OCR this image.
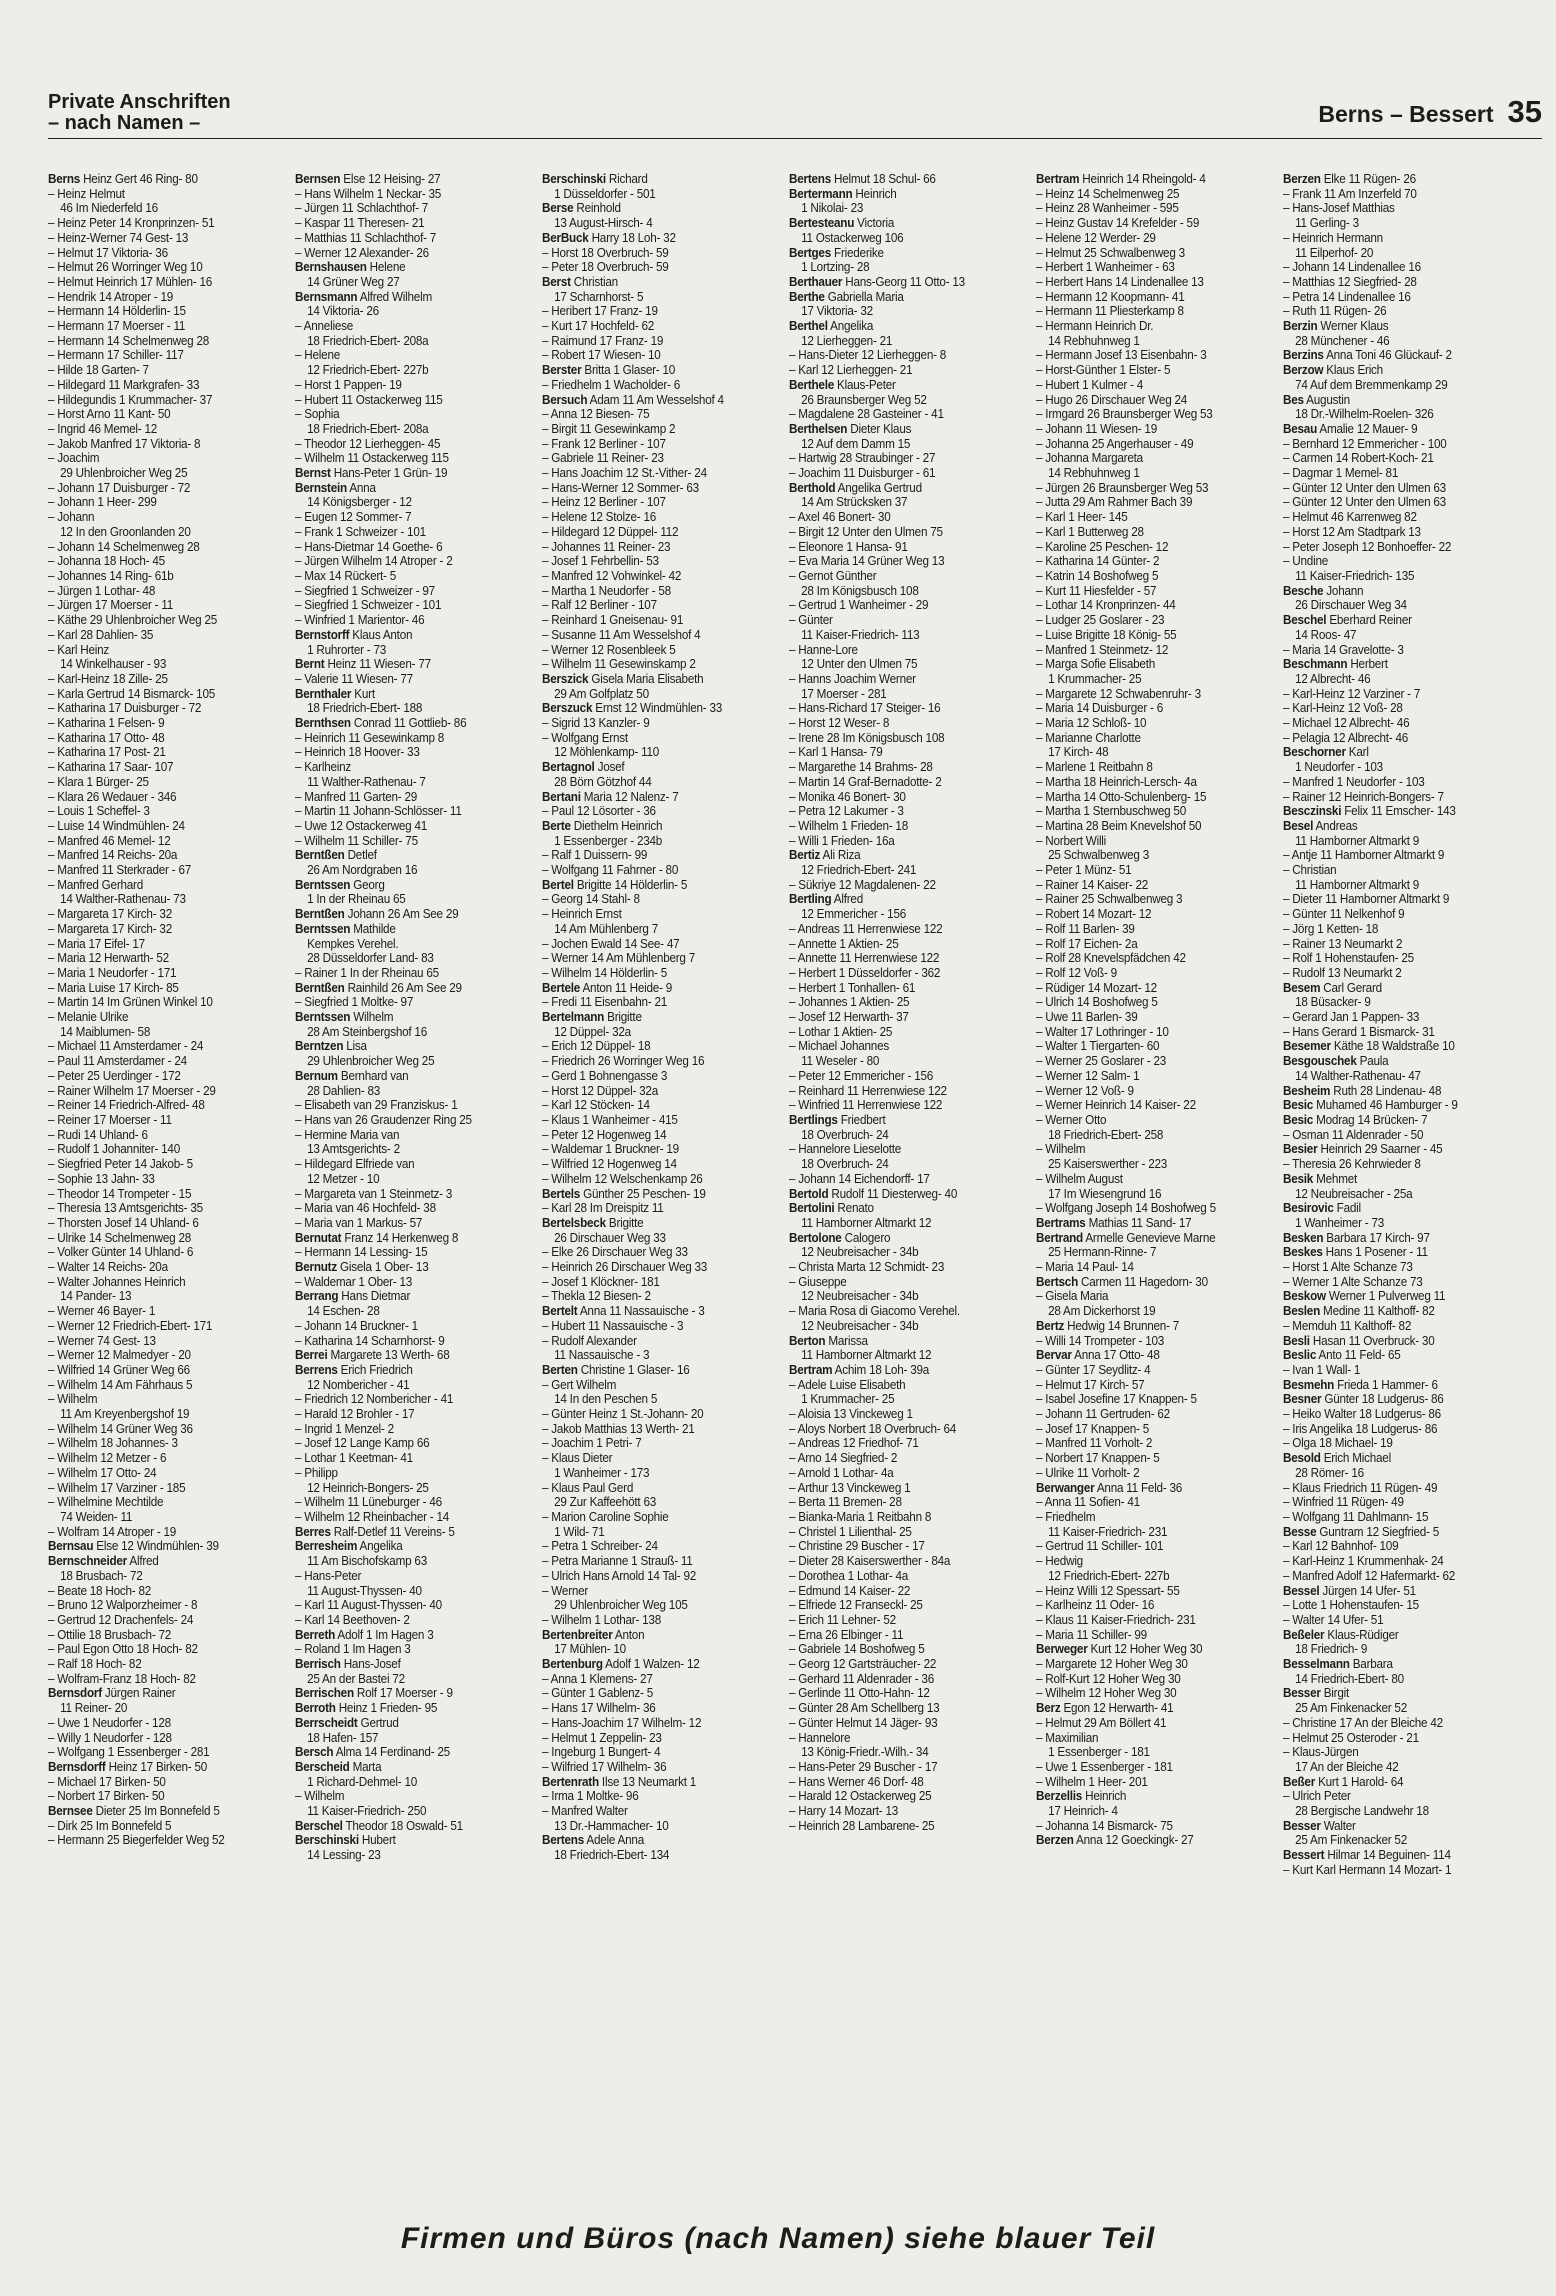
Private Anschriften
– nach Namen –	Berns – Bessert 35
Berns Heinz Gert 46 Ring- 80
– Heinz Helmut
46 Im Niederfeld 16
– Heinz Peter 14 Kronprinzen- 51
– Heinz-Werner 74 Gest- 13
– Helmut 17 Viktoria- 36
– Helmut 26 Worringer Weg 10
– Helmut Heinrich 17 Mühlen- 16
– Hendrik 14 Atroper - 19
– Hermann 14 Hölderlin- 15
– Hermann 17 Moerser - 11
– Hermann 14 Schelmenweg 28
– Hermann 17 Schiller- 117
– Hilde 18 Garten- 7
– Hildegard 11 Markgrafen- 33
– Hildegundis 1 Krummacher- 37
– Horst Arno 11 Kant- 50
– Ingrid 46 Memel- 12
– Jakob Manfred 17 Viktoria- 8
– Joachim
29 Uhlenbroicher Weg 25
– Johann 17 Duisburger - 72
– Johann 1 Heer- 299
– Johann
12 In den Groonlanden 20
– Johann 14 Schelmenweg 28
– Johanna 18 Hoch- 45
– Johannes 14 Ring- 61b
– Jürgen 1 Lothar- 48
– Jürgen 17 Moerser - 11
– Käthe 29 Uhlenbroicher Weg 25
– Karl 28 Dahlien- 35
– Karl Heinz
14 Winkelhauser - 93
– Karl-Heinz 18 Zille- 25
– Karla Gertrud 14 Bismarck- 105
– Katharina 17 Duisburger - 72
– Katharina 1 Felsen- 9
– Katharina 17 Otto- 48
– Katharina 17 Post- 21
– Katharina 17 Saar- 107
– Klara 1 Bürger- 25
– Klara 26 Wedauer - 346
– Louis 1 Scheffel- 3
– Luise 14 Windmühlen- 24
– Manfred 46 Memel- 12
– Manfred 14 Reichs- 20a
– Manfred 11 Sterkrader - 67
– Manfred Gerhard
14 Walther-Rathenau- 73
– Margareta 17 Kirch- 32
– Margareta 17 Kirch- 32
– Maria 17 Eifel- 17
– Maria 12 Herwarth- 52
– Maria 1 Neudorfer - 171
– Maria Luise 17 Kirch- 85
– Martin 14 Im Grünen Winkel 10
– Melanie Ulrike
14 Maiblumen- 58
– Michael 11 Amsterdamer - 24
– Paul 11 Amsterdamer - 24
– Peter 25 Uerdinger - 172
– Rainer Wilhelm 17 Moerser - 29
– Reiner 14 Friedrich-Alfred- 48
– Reiner 17 Moerser - 11
– Rudi 14 Uhland- 6
– Rudolf 1 Johanniter- 140
– Siegfried Peter 14 Jakob- 5
– Sophie 13 Jahn- 33
– Theodor 14 Trompeter - 15
– Theresia 13 Amtsgerichts- 35
– Thorsten Josef 14 Uhland- 6
– Ulrike 14 Schelmenweg 28
– Volker Günter 14 Uhland- 6
– Walter 14 Reichs- 20a
– Walter Johannes Heinrich
14 Pander- 13
– Werner 46 Bayer- 1
– Werner 12 Friedrich-Ebert- 171
– Werner 74 Gest- 13
– Werner 12 Malmedyer - 20
– Wilfried 14 Grüner Weg 66
– Wilhelm 14 Am Fährhaus 5
– Wilhelm
11 Am Kreyenbergshof 19
– Wilhelm 14 Grüner Weg 36
– Wilhelm 18 Johannes- 3
– Wilhelm 12 Metzer - 6
– Wilhelm 17 Otto- 24
– Wilhelm 17 Varziner - 185
– Wilhelmine Mechtilde
74 Weiden- 11
– Wolfram 14 Atroper - 19
Bernsau Else 12 Windmühlen- 39
Bernschneider Alfred
18 Brusbach- 72
– Beate 18 Hoch- 82
– Bruno 12 Walporzheimer - 8
– Gertrud 12 Drachenfels- 24
– Ottilie 18 Brusbach- 72
– Paul Egon Otto 18 Hoch- 82
– Ralf 18 Hoch- 82
– Wolfram-Franz 18 Hoch- 82
Bernsdorf Jürgen Rainer
11 Reiner- 20
– Uwe 1 Neudorfer - 128
– Willy 1 Neudorfer - 128
– Wolfgang 1 Essenberger - 281
Bernsdorff Heinz 17 Birken- 50
– Michael 17 Birken- 50
– Norbert 17 Birken- 50
Bernsee Dieter 25 Im Bonnefeld 5
– Dirk 25 Im Bonnefeld 5
– Hermann 25 Biegerfelder Weg 52
Bernsen Else 12 Heising- 27
– Hans Wilhelm 1 Neckar- 35
– Jürgen 11 Schlachthof- 7
– Kaspar 11 Theresen- 21
– Matthias 11 Schlachthof- 7
– Werner 12 Alexander- 26
Bernshausen Helene
14 Grüner Weg 27
Bernsmann Alfred Wilhelm
14 Viktoria- 26
– Anneliese
18 Friedrich-Ebert- 208a
– Helene
12 Friedrich-Ebert- 227b
– Horst 1 Pappen- 19
– Hubert 11 Ostackerweg 115
– Sophia
18 Friedrich-Ebert- 208a
– Theodor 12 Lierheggen- 45
– Wilhelm 11 Ostackerweg 115
Bernst Hans-Peter 1 Grün- 19
Bernstein Anna
14 Königsberger - 12
– Eugen 12 Sommer- 7
– Frank 1 Schweizer - 101
– Hans-Dietmar 14 Goethe- 6
– Jürgen Wilhelm 14 Atroper - 2
– Max 14 Rückert- 5
– Siegfried 1 Schweizer - 97
– Siegfried 1 Schweizer - 101
– Winfried 1 Marientor- 46
Bernstorff Klaus Anton
1 Ruhrorter - 73
Bernt Heinz 11 Wiesen- 77
– Valerie 11 Wiesen- 77
Bernthaler Kurt
18 Friedrich-Ebert- 188
Bernthsen Conrad 11 Gottlieb- 86
– Heinrich 11 Gesewinkamp 8
– Heinrich 18 Hoover- 33
– Karlheinz
11 Walther-Rathenau- 7
– Manfred 11 Garten- 29
– Martin 11 Johann-Schlösser- 11
– Uwe 12 Ostackerweg 41
– Wilhelm 11 Schiller- 75
Berntßen Detlef
26 Am Nordgraben 16
Berntssen Georg
1 In der Rheinau 65
Berntßen Johann 26 Am See 29
Berntssen Mathilde
Kempkes Verehel.
28 Düsseldorfer Land- 83
– Rainer 1 In der Rheinau 65
Berntßen Rainhild 26 Am See 29
– Siegfried 1 Moltke- 97
Berntssen Wilhelm
28 Am Steinbergshof 16
Berntzen Lisa
29 Uhlenbroicher Weg 25
Bernum Bernhard van
28 Dahlien- 83
– Elisabeth van 29 Franziskus- 1
– Hans van 26 Graudenzer Ring 25
– Hermine Maria van
13 Amtsgerichts- 2
– Hildegard Elfriede van
12 Metzer - 10
– Margareta van 1 Steinmetz- 3
– Maria van 46 Hochfeld- 38
– Maria van 1 Markus- 57
Bernutat Franz 14 Herkenweg 8
– Hermann 14 Lessing- 15
Bernutz Gisela 1 Ober- 13
– Waldemar 1 Ober- 13
Berrang Hans Dietmar
14 Eschen- 28
– Johann 14 Bruckner- 1
– Katharina 14 Scharnhorst- 9
Berrei Margarete 13 Werth- 68
Berrens Erich Friedrich
12 Nombericher - 41
– Friedrich 12 Nombericher - 41
– Harald 12 Brohler - 17
– Ingrid 1 Menzel- 2
– Josef 12 Lange Kamp 66
– Lothar 1 Keetman- 41
– Philipp
12 Heinrich-Bongers- 25
– Wilhelm 11 Lüneburger - 46
– Wilhelm 12 Rheinbacher - 14
Berres Ralf-Detlef 11 Vereins- 5
Berresheim Angelika
11 Am Bischofskamp 63
– Hans-Peter
11 August-Thyssen- 40
– Karl 11 August-Thyssen- 40
– Karl 14 Beethoven- 2
Berreth Adolf 1 Im Hagen 3
– Roland 1 Im Hagen 3
Berrisch Hans-Josef
25 An der Bastei 72
Berrischen Rolf 17 Moerser - 9
Berroth Heinz 1 Frieden- 95
Berrscheidt Gertrud
18 Hafen- 157
Bersch Alma 14 Ferdinand- 25
Berscheid Marta
1 Richard-Dehmel- 10
– Wilhelm
11 Kaiser-Friedrich- 250
Berschel Theodor 18 Oswald- 51
Berschinski Hubert
14 Lessing- 23
Berschinski Richard
1 Düsseldorfer - 501
Berse Reinhold
13 August-Hirsch- 4
BerBuck Harry 18 Loh- 32
– Horst 18 Overbruch- 59
– Peter 18 Overbruch- 59
Berst Christian
17 Scharnhorst- 5
– Heribert 17 Franz- 19
– Kurt 17 Hochfeld- 62
– Raimund 17 Franz- 19
– Robert 17 Wiesen- 10
Berster Britta 1 Glaser- 10
– Friedhelm 1 Wacholder- 6
Bersuch Adam 11 Am Wesselshof 4
– Anna 12 Biesen- 75
– Birgit 11 Gesewinkamp 2
– Frank 12 Berliner - 107
– Gabriele 11 Reiner- 23
– Hans Joachim 12 St.-Vither- 24
– Hans-Werner 12 Sommer- 63
– Heinz 12 Berliner - 107
– Helene 12 Stolze- 16
– Hildegard 12 Düppel- 112
– Johannes 11 Reiner- 23
– Josef 1 Fehrbellin- 53
– Manfred 12 Vohwinkel- 42
– Martha 1 Neudorfer - 58
– Ralf 12 Berliner - 107
– Reinhard 1 Gneisenau- 91
– Susanne 11 Am Wesselshof 4
– Werner 12 Rosenbleek 5
– Wilhelm 11 Gesewinskamp 2
Berszick Gisela Maria Elisabeth
29 Am Golfplatz 50
Berszuck Ernst 12 Windmühlen- 33
– Sigrid 13 Kanzler- 9
– Wolfgang Ernst
12 Möhlenkamp- 110
Bertagnol Josef
28 Börn Götzhof 44
Bertani Maria 12 Nalenz- 7
– Paul 12 Lösorter - 36
Berte Diethelm Heinrich
1 Essenberger - 234b
– Ralf 1 Duissern- 99
– Wolfgang 11 Fahrner - 80
Bertel Brigitte 14 Hölderlin- 5
– Georg 14 Stahl- 8
– Heinrich Ernst
14 Am Mühlenberg 7
– Jochen Ewald 14 See- 47
– Werner 14 Am Mühlenberg 7
– Wilhelm 14 Hölderlin- 5
Bertele Anton 11 Heide- 9
– Fredi 11 Eisenbahn- 21
Bertelmann Brigitte
12 Düppel- 32a
– Erich 12 Düppel- 18
– Friedrich 26 Worringer Weg 16
– Gerd 1 Bohnengasse 3
– Horst 12 Düppel- 32a
– Karl 12 Stöcken- 14
– Klaus 1 Wanheimer - 415
– Peter 12 Hogenweg 14
– Waldemar 1 Bruckner- 19
– Wilfried 12 Hogenweg 14
– Wilhelm 12 Welschenkamp 26
Bertels Günther 25 Peschen- 19
– Karl 28 Im Dreispitz 11
Bertelsbeck Brigitte
26 Dirschauer Weg 33
– Elke 26 Dirschauer Weg 33
– Heinrich 26 Dirschauer Weg 33
– Josef 1 Klöckner- 181
– Thekla 12 Biesen- 2
Bertelt Anna 11 Nassauische - 3
– Hubert 11 Nassauische - 3
– Rudolf Alexander
11 Nassauische - 3
Berten Christine 1 Glaser- 16
– Gert Wilhelm
14 In den Peschen 5
– Günter Heinz 1 St.-Johann- 20
– Jakob Matthias 13 Werth- 21
– Joachim 1 Petri- 7
– Klaus Dieter
1 Wanheimer - 173
– Klaus Paul Gerd
29 Zur Kaffeehött 63
– Marion Caroline Sophie
1 Wild- 71
– Petra 1 Schreiber- 24
– Petra Marianne 1 Strauß- 11
– Ulrich Hans Arnold 14 Tal- 92
– Werner
29 Uhlenbroicher Weg 105
– Wilhelm 1 Lothar- 138
Bertenbreiter Anton
17 Mühlen- 10
Bertenburg Adolf 1 Walzen- 12
– Anna 1 Klemens- 27
– Günter 1 Gablenz- 5
– Hans 17 Wilhelm- 36
– Hans-Joachim 17 Wilhelm- 12
– Helmut 1 Zeppelin- 23
– Ingeburg 1 Bungert- 4
– Wilfried 17 Wilhelm- 36
Bertenrath Ilse 13 Neumarkt 1
– Irma 1 Moltke- 96
– Manfred Walter
13 Dr.-Hammacher- 10
Bertens Adele Anna
18 Friedrich-Ebert- 134
Bertens Helmut 18 Schul- 66
Bertermann Heinrich
1 Nikolai- 23
Bertesteanu Victoria
11 Ostackerweg 106
Bertges Friederike
1 Lortzing- 28
Berthauer Hans-Georg 11 Otto- 13
Berthe Gabriella Maria
17 Viktoria- 32
Berthel Angelika
12 Lierheggen- 21
– Hans-Dieter 12 Lierheggen- 8
– Karl 12 Lierheggen- 21
Berthele Klaus-Peter
26 Braunsberger Weg 52
– Magdalene 28 Gasteiner - 41
Berthelsen Dieter Klaus
12 Auf dem Damm 15
– Hartwig 28 Straubinger - 27
– Joachim 11 Duisburger - 61
Berthold Angelika Gertrud
14 Am Strücksken 37
– Axel 46 Bonert- 30
– Birgit 12 Unter den Ulmen 75
– Eleonore 1 Hansa- 91
– Eva Maria 14 Grüner Weg 13
– Gernot Günther
28 Im Königsbusch 108
– Gertrud 1 Wanheimer - 29
– Günter
11 Kaiser-Friedrich- 113
– Hanne-Lore
12 Unter den Ulmen 75
– Hanns Joachim Werner
17 Moerser - 281
– Hans-Richard 17 Steiger- 16
– Horst 12 Weser- 8
– Irene 28 Im Königsbusch 108
– Karl 1 Hansa- 79
– Margarethe 14 Brahms- 28
– Martin 14 Graf-Bernadotte- 2
– Monika 46 Bonert- 30
– Petra 12 Lakumer - 3
– Wilhelm 1 Frieden- 18
– Willi 1 Frieden- 16a
Bertiz Ali Riza
12 Friedrich-Ebert- 241
– Sükriye 12 Magdalenen- 22
Bertling Alfred
12 Emmericher - 156
– Andreas 11 Herrenwiese 122
– Annette 1 Aktien- 25
– Annette 11 Herrenwiese 122
– Herbert 1 Düsseldorfer - 362
– Herbert 1 Tonhallen- 61
– Johannes 1 Aktien- 25
– Josef 12 Herwarth- 37
– Lothar 1 Aktien- 25
– Michael Johannes
11 Weseler - 80
– Peter 12 Emmericher - 156
– Reinhard 11 Herrenwiese 122
– Winfried 11 Herrenwiese 122
Bertlings Friedbert
18 Overbruch- 24
– Hannelore Lieselotte
18 Overbruch- 24
– Johann 14 Eichendorff- 17
Bertold Rudolf 11 Diesterweg- 40
Bertolini Renato
11 Hamborner Altmarkt 12
Bertolone Calogero
12 Neubreisacher - 34b
– Christa Marta 12 Schmidt- 23
– Giuseppe
12 Neubreisacher - 34b
– Maria Rosa di Giacomo Verehel.
12 Neubreisacher - 34b
Berton Marissa
11 Hamborner Altmarkt 12
Bertram Achim 18 Loh- 39a
– Adele Luise Elisabeth
1 Krummacher- 25
– Aloisia 13 Vinckeweg 1
– Aloys Norbert 18 Overbruch- 64
– Andreas 12 Friedhof- 71
– Arno 14 Siegfried- 2
– Arnold 1 Lothar- 4a
– Arthur 13 Vinckeweg 1
– Berta 11 Bremen- 28
– Bianka-Maria 1 Reitbahn 8
– Christel 1 Lilienthal- 25
– Christine 29 Buscher - 17
– Dieter 28 Kaiserswerther - 84a
– Dorothea 1 Lothar- 4a
– Edmund 14 Kaiser- 22
– Elfriede 12 Franseckl- 25
– Erich 11 Lehner- 52
– Erna 26 Elbinger - 11
– Gabriele 14 Boshofweg 5
– Georg 12 Gartsträucher- 22
– Gerhard 11 Aldenrader - 36
– Gerlinde 11 Otto-Hahn- 12
– Günter 28 Am Schellberg 13
– Günter Helmut 14 Jäger- 93
– Hannelore
13 König-Friedr.-Wilh.- 34
– Hans-Peter 29 Buscher - 17
– Hans Werner 46 Dorf- 48
– Harald 12 Ostackerweg 25
– Harry 14 Mozart- 13
– Heinrich 28 Lambarene- 25
Bertram Heinrich 14 Rheingold- 4
– Heinz 14 Schelmenweg 25
– Heinz 28 Wanheimer - 595
– Heinz Gustav 14 Krefelder - 59
– Helene 12 Werder- 29
– Helmut 25 Schwalbenweg 3
– Herbert 1 Wanheimer - 63
– Herbert Hans 14 Lindenallee 13
– Hermann 12 Koopmann- 41
– Hermann 11 Pliesterkamp 8
– Hermann Heinrich Dr.
14 Rebhuhnweg 1
– Hermann Josef 13 Eisenbahn- 3
– Horst-Günther 1 Elster- 5
– Hubert 1 Kulmer - 4
– Hugo 26 Dirschauer Weg 24
– Irmgard 26 Braunsberger Weg 53
– Johann 11 Wiesen- 19
– Johanna 25 Angerhauser - 49
– Johanna Margareta
14 Rebhuhnweg 1
– Jürgen 26 Braunsberger Weg 53
– Jutta 29 Am Rahmer Bach 39
– Karl 1 Heer- 145
– Karl 1 Butterweg 28
– Karoline 25 Peschen- 12
– Katharina 14 Günter- 2
– Katrin 14 Boshofweg 5
– Kurt 11 Hiesfelder - 57
– Lothar 14 Kronprinzen- 44
– Ludger 25 Goslarer - 23
– Luise Brigitte 18 König- 55
– Manfred 1 Steinmetz- 12
– Marga Sofie Elisabeth
1 Krummacher- 25
– Margarete 12 Schwabenruhr- 3
– Maria 14 Duisburger - 6
– Maria 12 Schloß- 10
– Marianne Charlotte
17 Kirch- 48
– Marlene 1 Reitbahn 8
– Martha 18 Heinrich-Lersch- 4a
– Martha 14 Otto-Schulenberg- 15
– Martha 1 Sternbuschweg 50
– Martina 28 Beim Knevelshof 50
– Norbert Willi
25 Schwalbenweg 3
– Peter 1 Münz- 51
– Rainer 14 Kaiser- 22
– Rainer 25 Schwalbenweg 3
– Robert 14 Mozart- 12
– Rolf 11 Barlen- 39
– Rolf 17 Eichen- 2a
– Rolf 28 Knevelspfädchen 42
– Rolf 12 Voß- 9
– Rüdiger 14 Mozart- 12
– Ulrich 14 Boshofweg 5
– Uwe 11 Barlen- 39
– Walter 17 Lothringer - 10
– Walter 1 Tiergarten- 60
– Werner 25 Goslarer - 23
– Werner 12 Salm- 1
– Werner 12 Voß- 9
– Werner Heinrich 14 Kaiser- 22
– Werner Otto
18 Friedrich-Ebert- 258
– Wilhelm
25 Kaiserswerther - 223
– Wilhelm August
17 Im Wiesengrund 16
– Wolfgang Joseph 14 Boshofweg 5
Bertrams Mathias 11 Sand- 17
Bertrand Armelle Genevieve Marne
25 Hermann-Rinne- 7
– Maria 14 Paul- 14
Bertsch Carmen 11 Hagedorn- 30
– Gisela Maria
28 Am Dickerhorst 19
Bertz Hedwig 14 Brunnen- 7
– Willi 14 Trompeter - 103
Bervar Anna 17 Otto- 48
– Günter 17 Seydlitz- 4
– Helmut 17 Kirch- 57
– Isabel Josefine 17 Knappen- 5
– Johann 11 Gertruden- 62
– Josef 17 Knappen- 5
– Manfred 11 Vorholt- 2
– Norbert 17 Knappen- 5
– Ulrike 11 Vorholt- 2
Berwanger Anna 11 Feld- 36
– Anna 11 Sofien- 41
– Friedhelm
11 Kaiser-Friedrich- 231
– Gertrud 11 Schiller- 101
– Hedwig
12 Friedrich-Ebert- 227b
– Heinz Willi 12 Spessart- 55
– Karlheinz 11 Oder- 16
– Klaus 11 Kaiser-Friedrich- 231
– Maria 11 Schiller- 99
Berweger Kurt 12 Hoher Weg 30
– Margarete 12 Hoher Weg 30
– Rolf-Kurt 12 Hoher Weg 30
– Wilhelm 12 Hoher Weg 30
Berz Egon 12 Herwarth- 41
– Helmut 29 Am Böllert 41
– Maximilian
1 Essenberger - 181
– Uwe 1 Essenberger - 181
– Wilhelm 1 Heer- 201
Berzellis Heinrich
17 Heinrich- 4
– Johanna 14 Bismarck- 75
Berzen Anna 12 Goeckingk- 27
Berzen Elke 11 Rügen- 26
– Frank 11 Am Inzerfeld 70
– Hans-Josef Matthias
11 Gerling- 3
– Heinrich Hermann
11 Eilperhof- 20
– Johann 14 Lindenallee 16
– Matthias 12 Siegfried- 28
– Petra 14 Lindenallee 16
– Ruth 11 Rügen- 26
Berzin Werner Klaus
28 Münchener - 46
Berzins Anna Toni 46 Glückauf- 2
Berzow Klaus Erich
74 Auf dem Bremmenkamp 29
Bes Augustin
18 Dr.-Wilhelm-Roelen- 326
Besau Amalie 12 Mauer- 9
– Bernhard 12 Emmericher - 100
– Carmen 14 Robert-Koch- 21
– Dagmar 1 Memel- 81
– Günter 12 Unter den Ulmen 63
– Günter 12 Unter den Ulmen 63
– Helmut 46 Karrenweg 82
– Horst 12 Am Stadtpark 13
– Peter Joseph 12 Bonhoeffer- 22
– Undine
11 Kaiser-Friedrich- 135
Besche Johann
26 Dirschauer Weg 34
Beschel Eberhard Reiner
14 Roos- 47
– Maria 14 Gravelotte- 3
Beschmann Herbert
12 Albrecht- 46
– Karl-Heinz 12 Varziner - 7
– Karl-Heinz 12 Voß- 28
– Michael 12 Albrecht- 46
– Pelagia 12 Albrecht- 46
Beschorner Karl
1 Neudorfer - 103
– Manfred 1 Neudorfer - 103
– Rainer 12 Heinrich-Bongers- 7
Besczinski Felix 11 Emscher- 143
Besel Andreas
11 Hamborner Altmarkt 9
– Antje 11 Hamborner Altmarkt 9
– Christian
11 Hamborner Altmarkt 9
– Dieter 11 Hamborner Altmarkt 9
– Günter 11 Nelkenhof 9
– Jörg 1 Ketten- 18
– Rainer 13 Neumarkt 2
– Rolf 1 Hohenstaufen- 25
– Rudolf 13 Neumarkt 2
Besem Carl Gerard
18 Büsacker- 9
– Gerard Jan 1 Pappen- 33
– Hans Gerard 1 Bismarck- 31
Besemer Käthe 18 Waldstraße 10
Besgouschek Paula
14 Walther-Rathenau- 47
Besheim Ruth 28 Lindenau- 48
Besic Muhamed 46 Hamburger - 9
Besic Modrag 14 Brücken- 7
– Osman 11 Aldenrader - 50
Besier Heinrich 29 Saarner - 45
– Theresia 26 Kehrwieder 8
Besik Mehmet
12 Neubreisacher - 25a
Besirovic Fadil
1 Wanheimer - 73
Besken Barbara 17 Kirch- 97
Beskes Hans 1 Posener - 11
– Horst 1 Alte Schanze 73
– Werner 1 Alte Schanze 73
Beskow Werner 1 Pulverweg 11
Beslen Medine 11 Kalthoff- 82
– Memduh 11 Kalthoff- 82
Besli Hasan 11 Overbruck- 30
Beslic Anto 11 Feld- 65
– Ivan 1 Wall- 1
Besmehn Frieda 1 Hammer- 6
Besner Günter 18 Ludgerus- 86
– Heiko Walter 18 Ludgerus- 86
– Iris Angelika 18 Ludgerus- 86
– Olga 18 Michael- 19
Besold Erich Michael
28 Römer- 16
– Klaus Friedrich 11 Rügen- 49
– Winfried 11 Rügen- 49
– Wolfgang 11 Dahlmann- 15
Besse Guntram 12 Siegfried- 5
– Karl 12 Bahnhof- 109
– Karl-Heinz 1 Krummenhak- 24
– Manfred Adolf 12 Hafermarkt- 62
Bessel Jürgen 14 Ufer- 51
– Lotte 1 Hohenstaufen- 15
– Walter 14 Ufer- 51
Beßeler Klaus-Rüdiger
18 Friedrich- 9
Besselmann Barbara
14 Friedrich-Ebert- 80
Besser Birgit
25 Am Finkenacker 52
– Christine 17 An der Bleiche 42
– Helmut 25 Osteroder - 21
– Klaus-Jürgen
17 An der Bleiche 42
Beßer Kurt 1 Harold- 64
– Ulrich Peter
28 Bergische Landwehr 18
Besser Walter
25 Am Finkenacker 52
Bessert Hilmar 14 Beguinen- 114
– Kurt Karl Hermann 14 Mozart- 1
Firmen und Büros (nach Namen) siehe blauer Teil
